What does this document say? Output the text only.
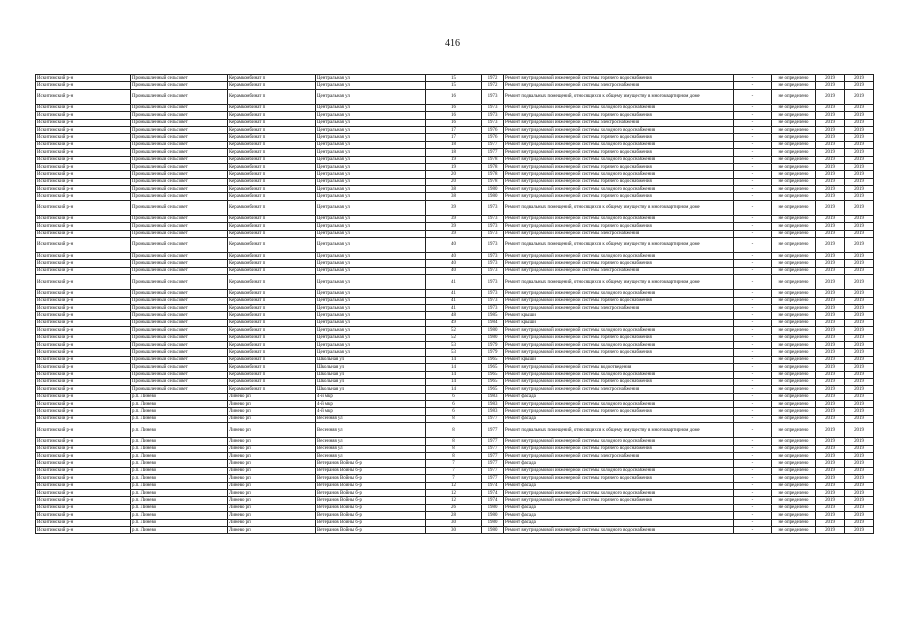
416
Искитимский р-н	Промышленный сельсовет	Керамкомбинат п	Центральная ул	15	1972	Ремонт внутридомовой инженерной системы горячего водоснабжения	-	не определено	2019	2019
Искитимский р-н	Промышленный сельсовет	Керамкомбинат п	Центральная ул	15	1972	Ремонт внутридомовой инженерной системы электроснабжения	-	не определено	2019	2019
Искитимский р-н	Промышленный сельсовет	Керамкомбинат п	Центральная ул	16	1973	Ремонт подвальных помещений, относящихся к общему имуществу в многоквартирном доме	-	не определено	2019	2019
Искитимский р-н	Промышленный сельсовет	Керамкомбинат п	Центральная ул	16	1973	Ремонт внутридомовой инженерной системы холодного водоснабжения	-	не определено	2019	2019
Искитимский р-н	Промышленный сельсовет	Керамкомбинат п	Центральная ул	16	1973	Ремонт внутридомовой инженерной системы горячего водоснабжения	-	не определено	2019	2019
Искитимский р-н	Промышленный сельсовет	Керамкомбинат п	Центральная ул	16	1973	Ремонт внутридомовой инженерной системы электроснабжения	-	не определено	2019	2019
Искитимский р-н	Промышленный сельсовет	Керамкомбинат п	Центральная ул	17	1976	Ремонт внутридомовой инженерной системы холодного водоснабжения	-	не определено	2019	2019
Искитимский р-н	Промышленный сельсовет	Керамкомбинат п	Центральная ул	17	1976	Ремонт внутридомовой инженерной системы горячего водоснабжения	-	не определено	2019	2019
Искитимский р-н	Промышленный сельсовет	Керамкомбинат п	Центральная ул	18	1977	Ремонт внутридомовой инженерной системы холодного водоснабжения	-	не определено	2019	2019
Искитимский р-н	Промышленный сельсовет	Керамкомбинат п	Центральная ул	18	1977	Ремонт внутридомовой инженерной системы горячего водоснабжения	-	не определено	2019	2019
Искитимский р-н	Промышленный сельсовет	Керамкомбинат п	Центральная ул	19	1978	Ремонт внутридомовой инженерной системы холодного водоснабжения	-	не определено	2019	2019
Искитимский р-н	Промышленный сельсовет	Керамкомбинат п	Центральная ул	19	1978	Ремонт внутридомовой инженерной системы горячего водоснабжения	-	не определено	2019	2019
Искитимский р-н	Промышленный сельсовет	Керамкомбинат п	Центральная ул	20	1978	Ремонт внутридомовой инженерной системы холодного водоснабжения	-	не определено	2019	2019
Искитимский р-н	Промышленный сельсовет	Керамкомбинат п	Центральная ул	20	1978	Ремонт внутридомовой инженерной системы горячего водоснабжения	-	не определено	2019	2019
Искитимский р-н	Промышленный сельсовет	Керамкомбинат п	Центральная ул	38	1980	Ремонт внутридомовой инженерной системы холодного водоснабжения	-	не определено	2019	2019
Искитимский р-н	Промышленный сельсовет	Керамкомбинат п	Центральная ул	38	1980	Ремонт внутридомовой инженерной системы горячего водоснабжения	-	не определено	2019	2019
Искитимский р-н	Промышленный сельсовет	Керамкомбинат п	Центральная ул	39	1973	Ремонт подвальных помещений, относящихся к общему имуществу в многоквартирном доме	-	не определено	2019	2019
Искитимский р-н	Промышленный сельсовет	Керамкомбинат п	Центральная ул	39	1973	Ремонт внутридомовой инженерной системы холодного водоснабжения	-	не определено	2019	2019
Искитимский р-н	Промышленный сельсовет	Керамкомбинат п	Центральная ул	39	1973	Ремонт внутридомовой инженерной системы горячего водоснабжения	-	не определено	2019	2019
Искитимский р-н	Промышленный сельсовет	Керамкомбинат п	Центральная ул	39	1973	Ремонт внутридомовой инженерной системы электроснабжения	-	не определено	2019	2019
Искитимский р-н	Промышленный сельсовет	Керамкомбинат п	Центральная ул	40	1973	Ремонт подвальных помещений, относящихся к общему имуществу в многоквартирном доме	-	не определено	2019	2019
Искитимский р-н	Промышленный сельсовет	Керамкомбинат п	Центральная ул	40	1973	Ремонт внутридомовой инженерной системы холодного водоснабжения	-	не определено	2019	2019
Искитимский р-н	Промышленный сельсовет	Керамкомбинат п	Центральная ул	40	1973	Ремонт внутридомовой инженерной системы горячего водоснабжения	-	не определено	2019	2019
Искитимский р-н	Промышленный сельсовет	Керамкомбинат п	Центральная ул	40	1973	Ремонт внутридомовой инженерной системы электроснабжения	-	не определено	2019	2019
Искитимский р-н	Промышленный сельсовет	Керамкомбинат п	Центральная ул	41	1973	Ремонт подвальных помещений, относящихся к общему имуществу в многоквартирном доме	-	не определено	2019	2019
Искитимский р-н	Промышленный сельсовет	Керамкомбинат п	Центральная ул	41	1973	Ремонт внутридомовой инженерной системы холодного водоснабжения	-	не определено	2019	2019
Искитимский р-н	Промышленный сельсовет	Керамкомбинат п	Центральная ул	41	1973	Ремонт внутридомовой инженерной системы горячего водоснабжения	-	не определено	2019	2019
Искитимский р-н	Промышленный сельсовет	Керамкомбинат п	Центральная ул	41	1973	Ремонт внутридомовой инженерной системы электроснабжения	-	не определено	2019	2019
Искитимский р-н	Промышленный сельсовет	Керамкомбинат п	Центральная ул	48	1985	Ремонт крыши	-	не определено	2019	2019
Искитимский р-н	Промышленный сельсовет	Керамкомбинат п	Центральная ул	49	1984	Ремонт крыши	-	не определено	2019	2019
Искитимский р-н	Промышленный сельсовет	Керамкомбинат п	Центральная ул	52	1980	Ремонт внутридомовой инженерной системы холодного водоснабжения	-	не определено	2019	2019
Искитимский р-н	Промышленный сельсовет	Керамкомбинат п	Центральная ул	52	1980	Ремонт внутридомовой инженерной системы горячего водоснабжения	-	не определено	2019	2019
Искитимский р-н	Промышленный сельсовет	Керамкомбинат п	Центральная ул	53	1979	Ремонт внутридомовой инженерной системы холодного водоснабжения	-	не определено	2019	2019
Искитимский р-н	Промышленный сельсовет	Керамкомбинат п	Центральная ул	53	1979	Ремонт внутридомовой инженерной системы горячего водоснабжения	-	не определено	2019	2019
Искитимский р-н	Промышленный сельсовет	Керамкомбинат п	Школьная ул	14	1965	Ремонт крыши	-	не определено	2019	2019
Искитимский р-н	Промышленный сельсовет	Керамкомбинат п	Школьная ул	14	1965	Ремонт внутридомовой инженерной системы водоотведения	-	не определено	2019	2019
Искитимский р-н	Промышленный сельсовет	Керамкомбинат п	Школьная ул	14	1965	Ремонт внутридомовой инженерной системы холодного водоснабжения	-	не определено	2019	2019
Искитимский р-н	Промышленный сельсовет	Керамкомбинат п	Школьная ул	14	1965	Ремонт внутридомовой инженерной системы горячего водоснабжения	-	не определено	2019	2019
Искитимский р-н	Промышленный сельсовет	Керамкомбинат п	Школьная ул	14	1965	Ремонт внутридомовой инженерной системы электроснабжения	-	не определено	2019	2019
Искитимский р-н	р.п. Линево	Линево рп	4-й мкр	6	1983	Ремонт фасада	-	не определено	2019	2019
Искитимский р-н	р.п. Линево	Линево рп	4-й мкр	6	1983	Ремонт внутридомовой инженерной системы холодного водоснабжения	-	не определено	2019	2019
Искитимский р-н	р.п. Линево	Линево рп	4-й мкр	6	1983	Ремонт внутридомовой инженерной системы горячего водоснабжения	-	не определено	2019	2019
Искитимский р-н	р.п. Линево	Линево рп	Весенняя ул	8	1977	Ремонт фасада	-	не определено	2019	2019
Искитимский р-н	р.п. Линево	Линево рп	Весенняя ул	8	1977	Ремонт подвальных помещений, относящихся к общему имуществу в многоквартирном доме	-	не определено	2019	2019
Искитимский р-н	р.п. Линево	Линево рп	Весенняя ул	8	1977	Ремонт внутридомовой инженерной системы холодного водоснабжения	-	не определено	2019	2019
Искитимский р-н	р.п. Линево	Линево рп	Весенняя ул	8	1977	Ремонт внутридомовой инженерной системы горячего водоснабжения	-	не определено	2019	2019
Искитимский р-н	р.п. Линево	Линево рп	Весенняя ул	8	1977	Ремонт внутридомовой инженерной системы электроснабжения	-	не определено	2019	2019
Искитимский р-н	р.п. Линево	Линево рп	Ветеранов Войны б-р	7	1977	Ремонт фасада	-	не определено	2019	2019
Искитимский р-н	р.п. Линево	Линево рп	Ветеранов Войны б-р	7	1977	Ремонт внутридомовой инженерной системы холодного водоснабжения	-	не определено	2019	2019
Искитимский р-н	р.п. Линево	Линево рп	Ветеранов Войны б-р	7	1977	Ремонт внутридомовой инженерной системы горячего водоснабжения	-	не определено	2019	2019
Искитимский р-н	р.п. Линево	Линево рп	Ветеранов Войны б-р	12	1974	Ремонт фасада	-	не определено	2019	2019
Искитимский р-н	р.п. Линево	Линево рп	Ветеранов Войны б-р	12	1974	Ремонт внутридомовой инженерной системы холодного водоснабжения	-	не определено	2019	2019
Искитимский р-н	р.п. Линево	Линево рп	Ветеранов Войны б-р	12	1974	Ремонт внутридомовой инженерной системы горячего водоснабжения	-	не определено	2019	2019
Искитимский р-н	р.п. Линево	Линево рп	Ветеранов Войны б-р	26	1980	Ремонт фасада	-	не определено	2019	2019
Искитимский р-н	р.п. Линево	Линево рп	Ветеранов Войны б-р	28	1980	Ремонт фасада	-	не определено	2019	2019
Искитимский р-н	р.п. Линево	Линево рп	Ветеранов Войны б-р	30	1980	Ремонт фасада	-	не определено	2019	2019
Искитимский р-н	р.п. Линево	Линево рп	Ветеранов Войны б-р	30	1980	Ремонт внутридомовой инженерной системы холодного водоснабжения	-	не определено	2019	2019
